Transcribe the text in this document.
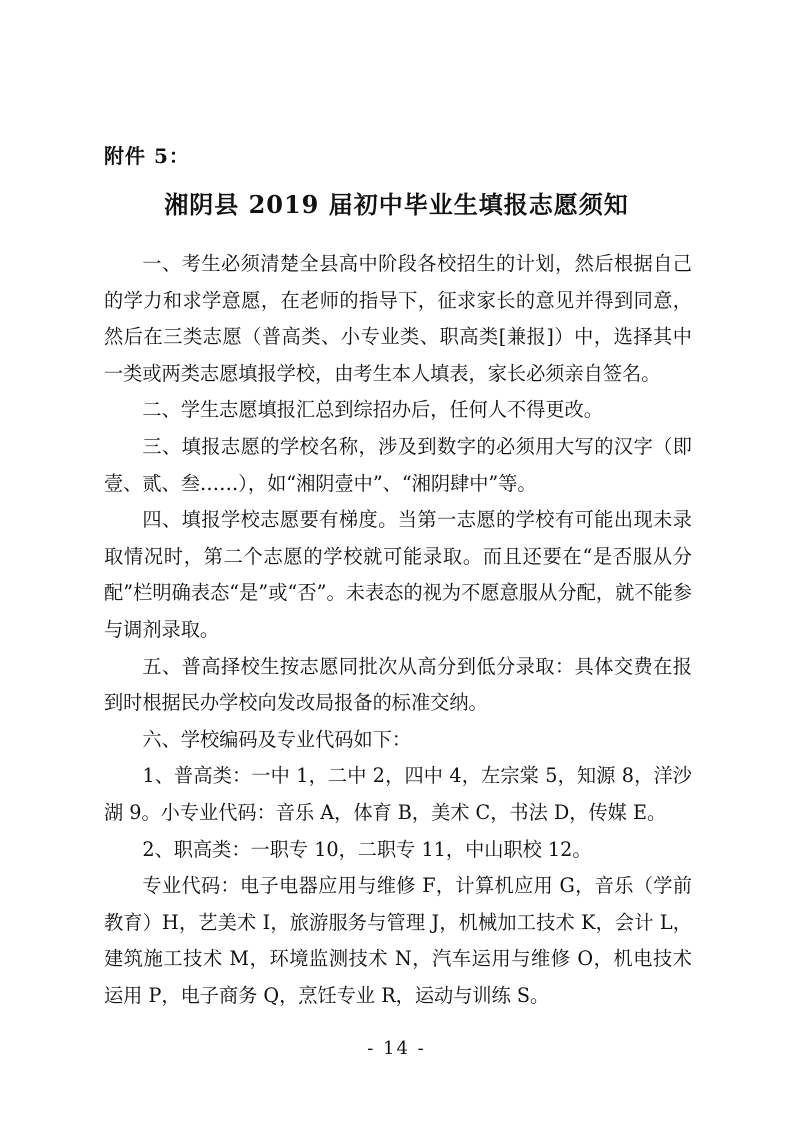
附件 5：
湘阴县 2019 届初中毕业生填报志愿须知

一、考生必须清楚全县高中阶段各校招生的计划，然后根据自己的学力和求学意愿，在老师的指导下，征求家长的意见并得到同意，然后在三类志愿（普高类、小专业类、职高类[兼报]）中，选择其中一类或两类志愿填报学校，由考生本人填表，家长必须亲自签名。

二、学生志愿填报汇总到综招办后，任何人不得更改。

三、填报志愿的学校名称，涉及到数字的必须用大写的汉字（即壹、贰、叁……），如“湘阴壹中”、“湘阴肆中”等。

四、填报学校志愿要有梯度。当第一志愿的学校有可能出现未录取情况时，第二个志愿的学校就可能录取。而且还要在“是否服从分配”栏明确表态“是”或“否”。未表态的视为不愿意服从分配，就不能参与调剂录取。

五、普高择校生按志愿同批次从高分到低分录取：具体交费在报到时根据民办学校向发改局报备的标准交纳。

六、学校编码及专业代码如下：

1、普高类：一中 1，二中 2，四中 4，左宗棠 5，知源 8，洋沙湖 9。小专业代码：音乐 A，体育 B，美术 C，书法 D，传媒 E。

2、职高类：一职专 10，二职专 11，中山职校 12。

专业代码：电子电器应用与维修 F，计算机应用 G，音乐（学前教育）H，艺美术 I，旅游服务与管理 J，机械加工技术 K，会计 L，建筑施工技术 M，环境监测技术 N，汽车运用与维修 O，机电技术运用 P，电子商务 Q，烹饪专业 R，运动与训练 S。

- 14 -
